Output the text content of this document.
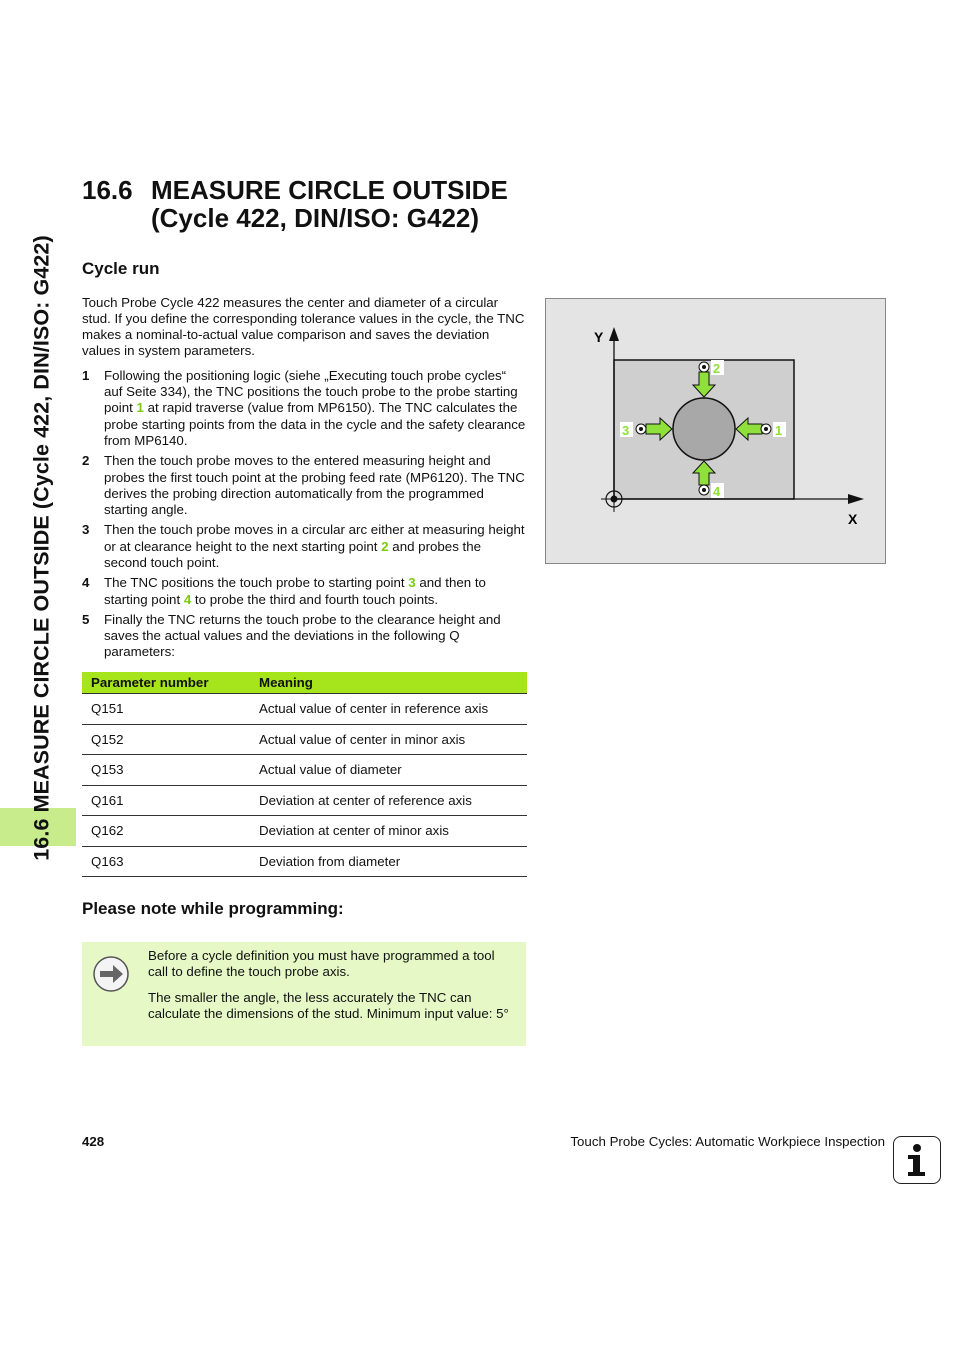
16.6 MEASURE CIRCLE OUTSIDE (Cycle 422, DIN/ISO: G422)
16.6 MEASURE CIRCLE OUTSIDE
(Cycle 422, DIN/ISO: G422)
Cycle run

Touch Probe Cycle 422 measures the center and diameter of a circular stud. If you define the corresponding tolerance values in the cycle, the TNC makes a nominal-to-actual value comparison and saves the deviation values in system parameters.

1 Following the positioning logic (siehe „Executing touch probe cycles“ auf Seite 334), the TNC positions the touch probe to the probe starting point 1 at rapid traverse (value from MP6150). The TNC calculates the probe starting points from the data in the cycle and the safety clearance from MP6140.
2 Then the touch probe moves to the entered measuring height and probes the first touch point at the probing feed rate (MP6120). The TNC derives the probing direction automatically from the programmed starting angle.
3 Then the touch probe moves in a circular arc either at measuring height or at clearance height to the next starting point 2 and probes the second touch point.
4 The TNC positions the touch probe to starting point 3 and then to starting point 4 to probe the third and fourth touch points.
5 Finally the TNC returns the touch probe to the clearance height and saves the actual values and the deviations in the following Q parameters:
Parameter number	Meaning
Q151	Actual value of center in reference axis
Q152	Actual value of center in minor axis
Q153	Actual value of diameter
Q161	Deviation at center of reference axis
Q162	Deviation at center of minor axis
Q163	Deviation from diameter
Please note while programming:

Before a cycle definition you must have programmed a tool call to define the touch probe axis.

The smaller the angle, the less accurately the TNC can calculate the dimensions of the stud. Minimum input value: 5°

Y
X
1
2
3
4
428	Touch Probe Cycles: Automatic Workpiece Inspection
